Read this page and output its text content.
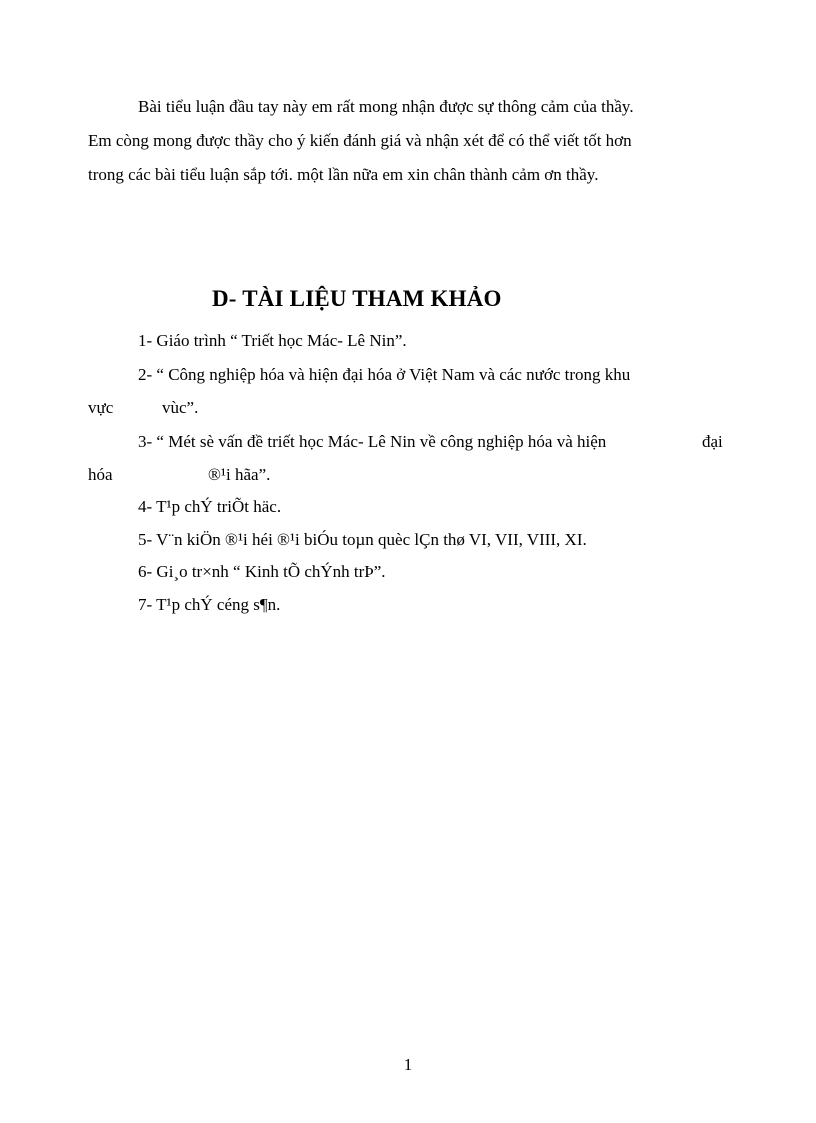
Bài tiểu luận đầu tay này em rất mong nhận được sự thông cảm của thầy.
Em còng mong được thầy cho ý kiến đánh giá và nhận xét để có thể viết tốt hơn
trong các bài tiểu luận sắp tới. một lần nữa em xin chân thành cảm ơn thầy.
D- TÀI LIỆU THAM KHẢO

1- Giáo trình “ Triết học Mác- Lê Nin”.

2- “ Công nghiệp hóa và hiện đại hóa ở Việt Nam và các nước trong khu

vực	vùc”.

3- “ Mét sè vấn đề triết học Mác- Lê Nin về công nghiệp hóa và hiện	đại

hóa	®¹i hãa”.

4- T¹p chÝ triÕt häc.

5- V¨n kiÖn ®¹i héi ®¹i biÓu toµn quèc lÇn thø VI, VII, VIII, XI.

6- Gi¸o tr×nh “ Kinh tÕ chÝnh trÞ”.

7- T¹p chÝ céng s¶n.

1
